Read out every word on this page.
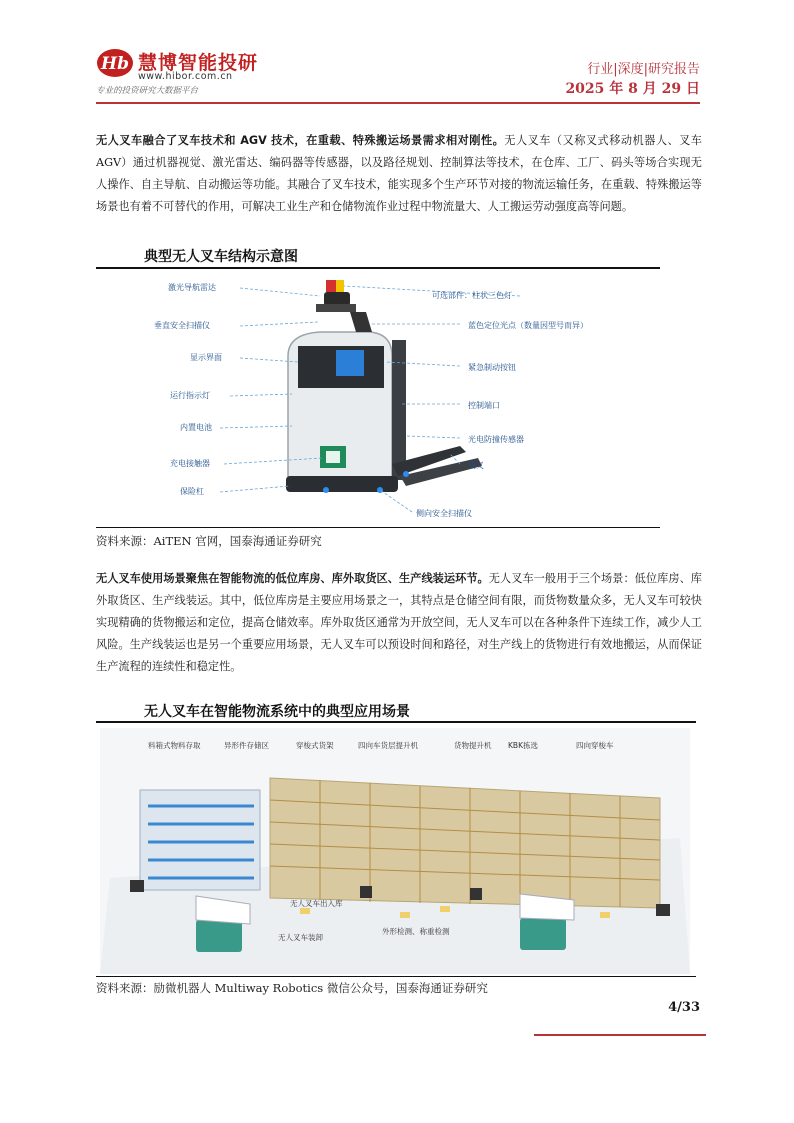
Hb 慧博智能投研
www.hibor.com.cn
专业的投资研究大数据平台
行业|深度|研究报告
2025 年 8 月 29 日

无人叉车融合了叉车技术和 AGV 技术，在重载、特殊搬运场景需求相对刚性。无人叉车（又称叉式移动机器人、叉车 AGV）通过机器视觉、激光雷达、编码器等传感器，以及路径规划、控制算法等技术，在仓库、工厂、码头等场合实现无人操作、自主导航、自动搬运等功能。其融合了叉车技术，能实现多个生产环节对接的物流运输任务，在重载、特殊搬运等场景也有着不可替代的作用，可解决工业生产和仓储物流作业过程中物流量大、人工搬运劳动强度高等问题。

典型无人叉车结构示意图
激光导航雷达
垂直安全扫描仪
显示界面
运行指示灯
内置电池
充电接触器
保险杠
可选部件：柱状三色灯
蓝色定位光点（数量因型号而异）
紧急制动按钮
控制端口
光电防撞传感器
货叉
侧向安全扫描仪
资料来源：AiTEN 官网，国泰海通证券研究

无人叉车使用场景聚焦在智能物流的低位库房、库外取货区、生产线装运环节。无人叉车一般用于三个场景：低位库房、库外取货区、生产线装运。其中，低位库房是主要应用场景之一，其特点是仓储空间有限，而货物数量众多，无人叉车可较快实现精确的货物搬运和定位，提高仓储效率。库外取货区通常为开放空间，无人叉车可以在各种条件下连续工作，减少人工风险。生产线装运也是另一个重要应用场景，无人叉车可以预设时间和路径，对生产线上的货物进行有效地搬运，从而保证生产流程的连续性和稳定性。

无人叉车在智能物流系统中的典型应用场景
料箱式物料存取	异形件存储区	穿梭式货架	四向车货层提升机	货物提升机 KBK拣选	四向穿梭车
无人叉车出入库
无人叉车装卸
外形检测、称重检测
资料来源：励微机器人 Multiway Robotics 微信公众号，国泰海通证券研究
4/33
